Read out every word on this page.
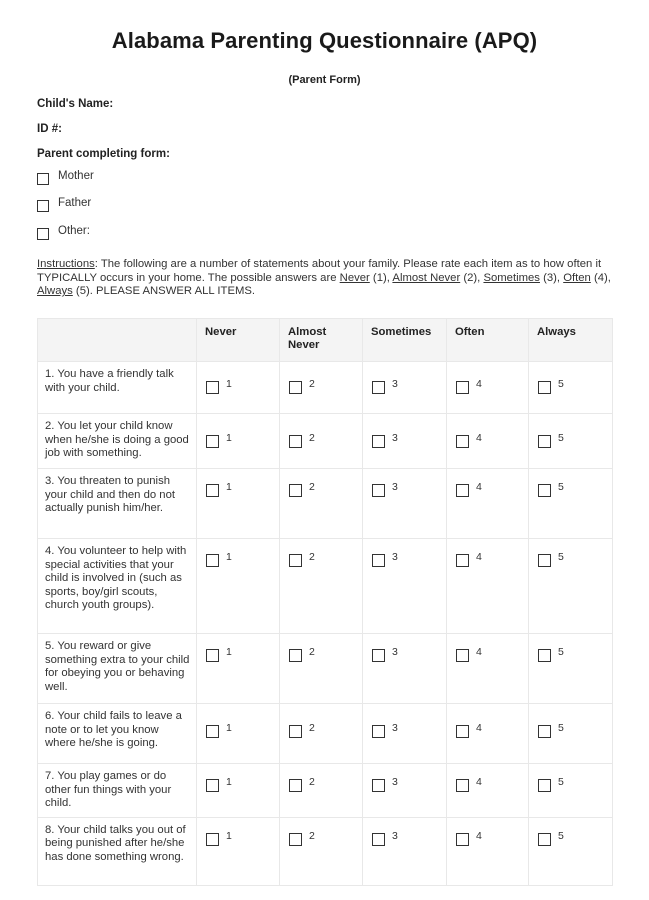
Alabama Parenting Questionnaire (APQ)
(Parent Form)
Child's Name:
ID #:
Parent completing form:
Mother
Father
Other:
Instructions: The following are a number of statements about your family. Please rate each item as to how often it TYPICALLY occurs in your home. The possible answers are Never (1), Almost Never (2), Sometimes (3), Often (4), Always (5). PLEASE ANSWER ALL ITEMS.
	Never	Almost Never	Sometimes	Often	Always
1. You have a friendly talk with your child.	1	2	3	4	5

2. You let your child know when he/she is doing a good job with something.	1	2	3	4	5

3. You threaten to punish your child and then do not actually punish him/her.	1	2	3	4	5

4. You volunteer to help with special activities that your child is involved in (such as sports, boy/girl scouts, church youth groups).	1	2	3	4	5

5. You reward or give something extra to your child for obeying you or behaving well.	1	2	3	4	5

6. Your child fails to leave a note or to let you know where he/she is going.	1	2	3	4	5

7. You play games or do other fun things with your child.	1	2	3	4	5

8. Your child talks you out of being punished after he/she has done something wrong.	1	2	3	4	5
